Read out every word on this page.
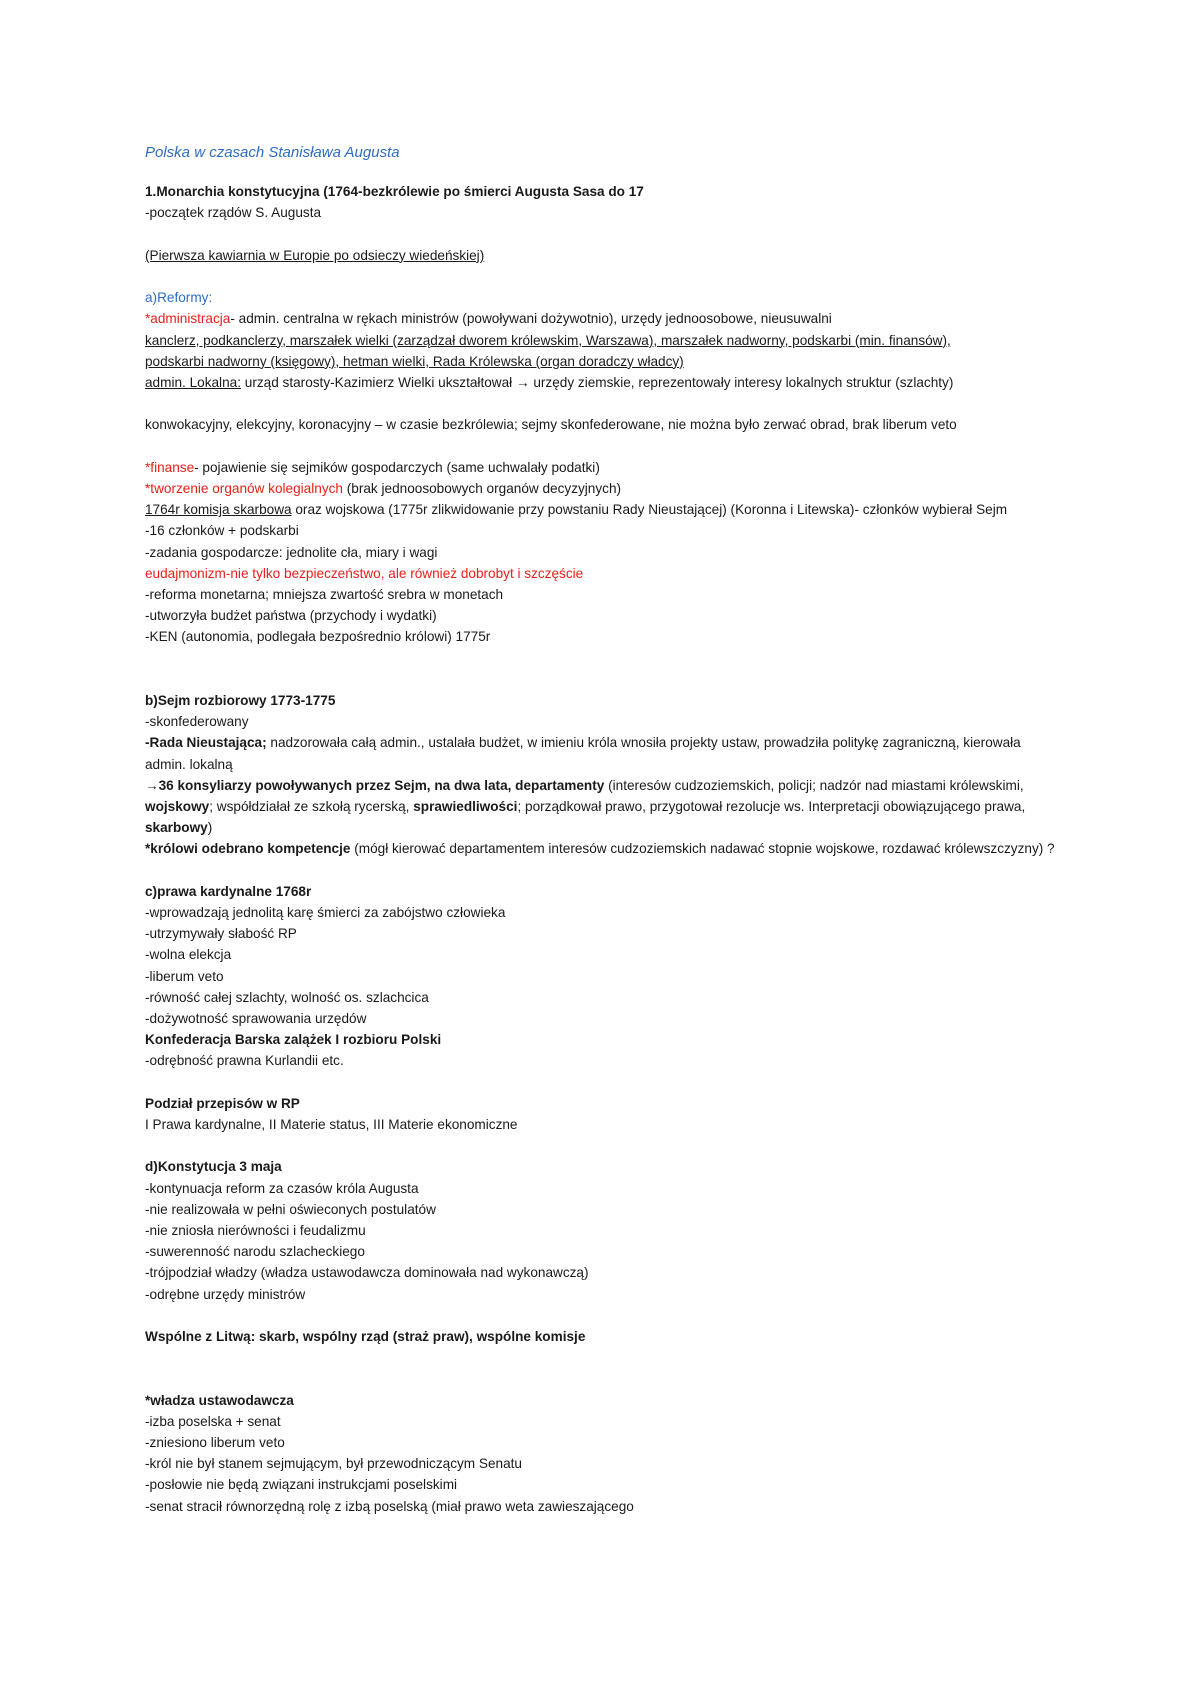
Polska w czasach Stanisława Augusta
1.Monarchia konstytucyjna (1764-bezkrólewie po śmierci Augusta Sasa do 17
-początek rządów S. Augusta
(Pierwsza kawiarnia w Europie po odsieczy wiedeńskiej)
a)Reformy:
*administracja- admin. centralna w rękach ministrów (powoływani dożywotnio), urzędy jednoosobowe, nieusuwalni
kanclerz, podkanclerzy, marszałek wielki (zarządzał dworem królewskim, Warszawa), marszałek nadworny, podskarbi (min. finansów),
podskarbi nadworny (księgowy), hetman wielki, Rada Królewska (organ doradczy władcy)
admin. Lokalna: urząd starosty-Kazimierz Wielki ukształtował → urzędy ziemskie, reprezentowały interesy lokalnych struktur (szlachty)
konwokacyjny, elekcyjny, koronacyjny – w czasie bezkrólewia; sejmy skonfederowane, nie można było zerwać obrad, brak liberum veto
*finanse- pojawienie się sejmików gospodarczych (same uchwalały podatki)
*tworzenie organów kolegialnych (brak jednoosobowych organów decyzyjnych)
1764r komisja skarbowa oraz wojskowa (1775r zlikwidowanie przy powstaniu Rady Nieustającej) (Koronna i Litewska)- członków wybierał Sejm
-16 członków + podskarbi
-zadania gospodarcze: jednolite cła, miary i wagi
eudajmonizm-nie tylko bezpieczeństwo, ale również dobrobyt i szczęście
-reforma monetarna; mniejsza zwartość srebra w monetach
-utworzyła budżet państwa (przychody i wydatki)
-KEN (autonomia, podlegała bezpośrednio królowi) 1775r
b)Sejm rozbiorowy 1773-1775
-skonfederowany
-Rada Nieustająca; nadzorowała całą admin., ustalała budżet, w imieniu króla wnosiła projekty ustaw, prowadziła politykę zagraniczną, kierowała admin. lokalną
→36 konsyliarzy powoływanych przez Sejm, na dwa lata, departamenty (interesów cudzoziemskich, policji; nadzór nad miastami królewskimi, wojskowy; współdziałał ze szkołą rycerską, sprawiedliwości; porządkował prawo, przygotował rezolucje ws. Interpretacji obowiązującego prawa, skarbowy)
*królowi odebrano kompetencje (mógł kierować departamentem interesów cudzoziemskich nadawać stopnie wojskowe, rozdawać królewszczyzny) ?
c)prawa kardynalne 1768r
-wprowadzają jednolitą karę śmierci za zabójstwo człowieka
-utrzymywały słabość RP
-wolna elekcja
-liberum veto
-równość całej szlachty, wolność os. szlachcica
-dożywotność sprawowania urzędów
Konfederacja Barska zalążek I rozbioru Polski
-odrębność prawna Kurlandii etc.
Podział przepisów w RP
I Prawa kardynalne, II Materie status, III Materie ekonomiczne
d)Konstytucja 3 maja
-kontynuacja reform za czasów króla Augusta
-nie realizowała w pełni oświeconych postulatów
-nie zniosła nierówności i feudalizmu
-suwerenność narodu szlacheckiego
-trójpodział władzy (władza ustawodawcza dominowała nad wykonawczą)
-odrębne urzędy ministrów
Wspólne z Litwą: skarb, wspólny rząd (straż praw), wspólne komisje
*władza ustawodawcza
-izba poselska + senat
-zniesiono liberum veto
-król nie był stanem sejmującym, był przewodniczącym Senatu
-posłowie nie będą związani instrukcjami poselskimi
-senat stracił równorzędną rolę z izbą poselską (miał prawo weta zawieszającego
